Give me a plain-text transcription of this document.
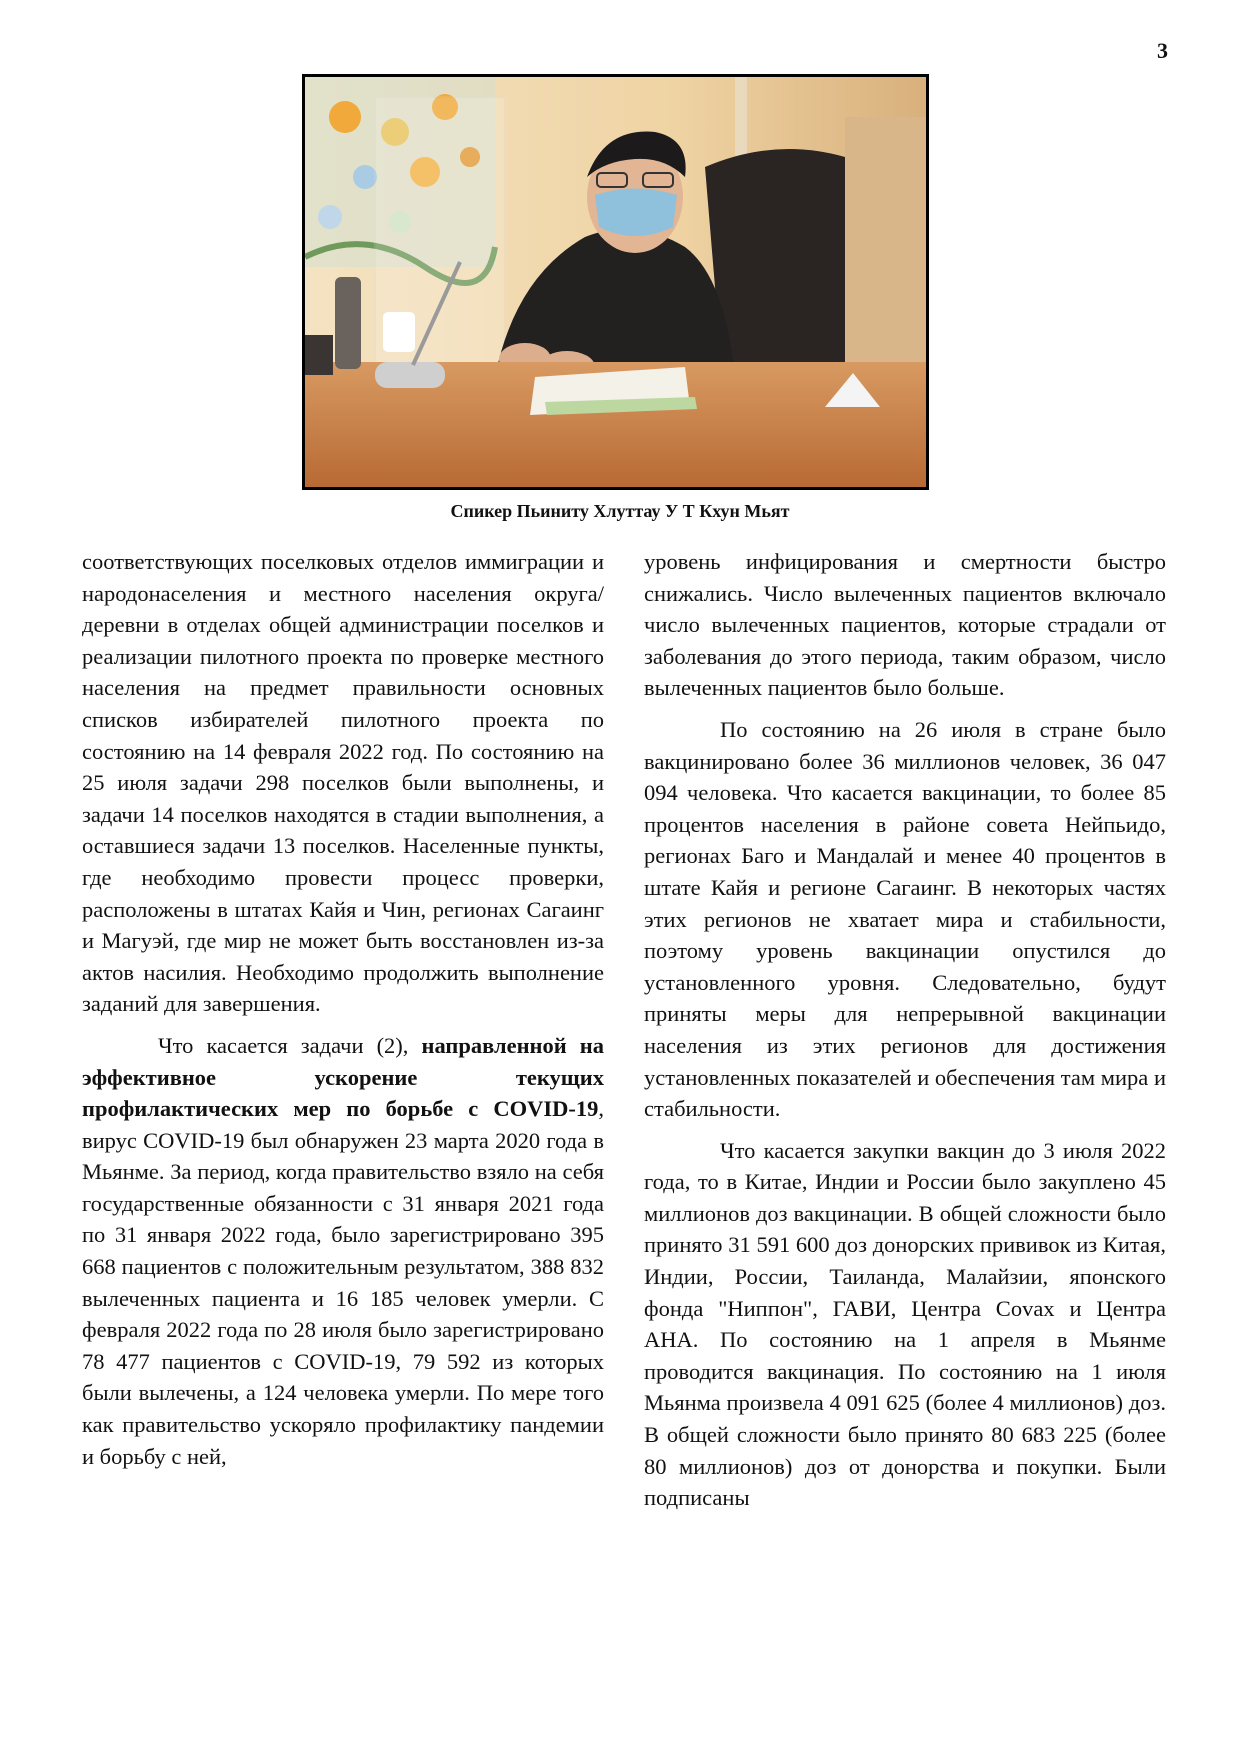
3
Спикер Пьиниту Хлуттау У Т Кхун Мьят

соответствующих поселковых отделов иммиграции и народонаселения и местного населения округа/деревни в отделах общей администрации поселков и реализации пилотного проекта по проверке местного населения на предмет правильности основных списков избирателей пилотного проекта по состоянию на 14 февраля 2022 год. По состоянию на 25 июля задачи 298 поселков были выполнены, и задачи 14 поселков находятся в стадии выполнения, а оставшиеся задачи 13 поселков. Населенные пункты, где необходимо провести процесс проверки, расположены в штатах Кайя и Чин, регионах Сагаинг и Магуэй, где мир не может быть восстановлен из-за актов насилия. Необходимо продолжить выполнение заданий для завершения.

Что касается задачи (2), направленной на эффективное ускорение текущих профилактических мер по борьбе с COVID-19, вирус COVID-19 был обнаружен 23 марта 2020 года в Мьянме. За период, когда правительство взяло на себя государственные обязанности с 31 января 2021 года по 31 января 2022 года, было зарегистрировано 395 668 пациентов с положительным результатом, 388 832 вылеченных пациента и 16 185 человек умерли. С февраля 2022 года по 28 июля было зарегистрировано 78 477 пациентов с COVID-19, 79 592 из которых были вылечены, а 124 человека умерли. По мере того как правительство ускоряло профилактику пандемии и борьбу с ней,

уровень инфицирования и смертности быстро снижались. Число вылеченных пациентов включало число вылеченных пациентов, которые страдали от заболевания до этого периода, таким образом, число вылеченных пациентов было больше.

По состоянию на 26 июля в стране было вакцинировано более 36 миллионов человек, 36 047 094 человека. Что касается вакцинации, то более 85 процентов населения в районе совета Нейпьидо, регионах Баго и Мандалай и менее 40 процентов в штате Кайя и регионе Сагаинг. В некоторых частях этих регионов не хватает мира и стабильности, поэтому уровень вакцинации опустился до установленного уровня. Следовательно, будут приняты меры для непрерывной вакцинации населения из этих регионов для достижения установленных показателей и обеспечения там мира и стабильности.

Что касается закупки вакцин до 3 июля 2022 года, то в Китае, Индии и России было закуплено 45 миллионов доз вакцинации. В общей сложности было принято 31 591 600 доз донорских прививок из Китая, Индии, России, Таиланда, Малайзии, японского фонда "Ниппон", ГАВИ, Центра Covax и Центра АНА. По состоянию на 1 апреля в Мьянме проводится вакцинация. По состоянию на 1 июля Мьянма произвела 4 091 625 (более 4 миллионов) доз. В общей сложности было принято 80 683 225 (более 80 миллионов) доз от донорства и покупки. Были подписаны
